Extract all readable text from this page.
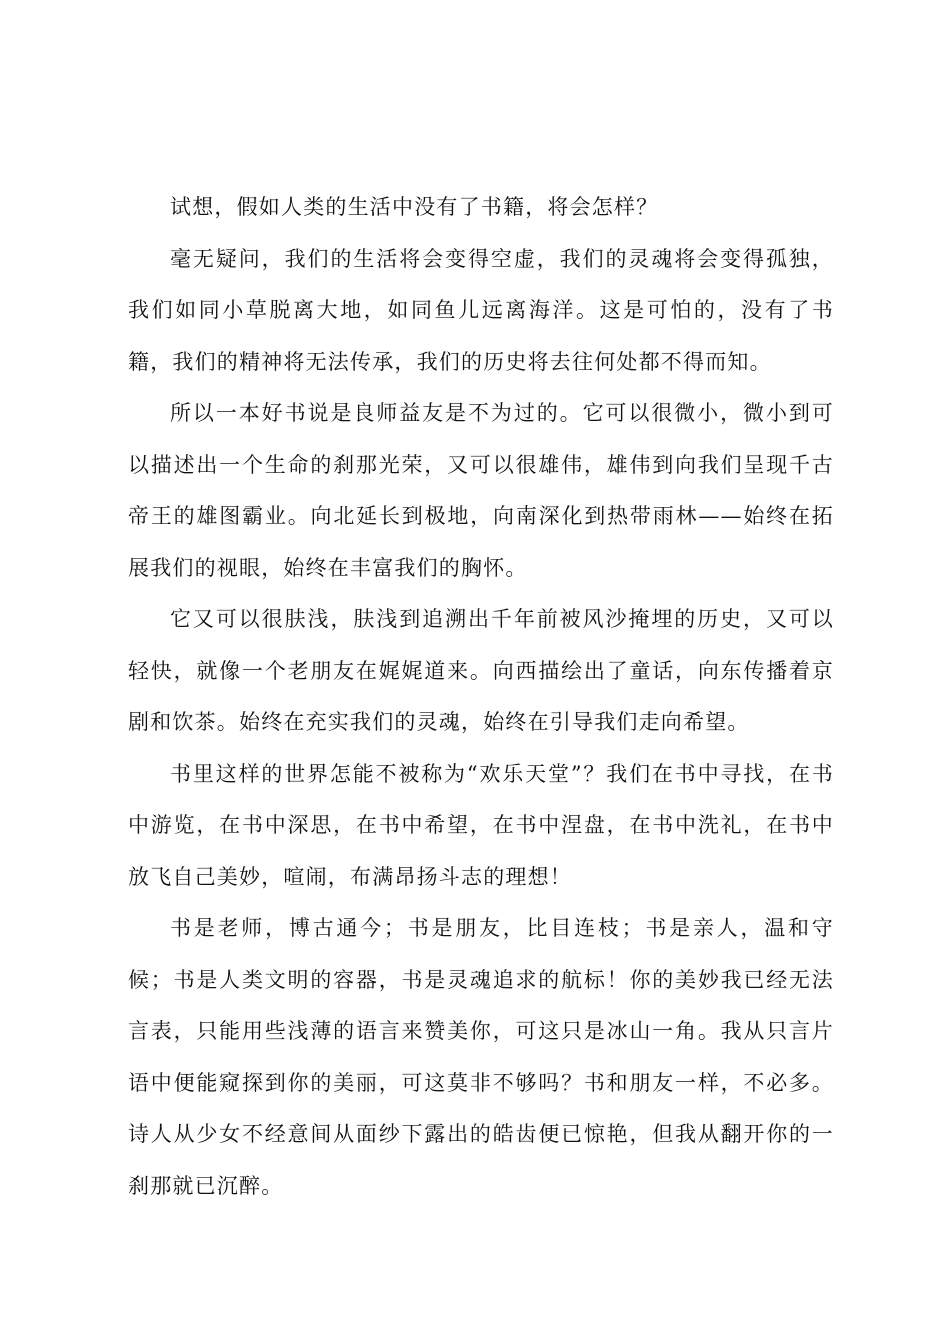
试想，假如人类的生活中没有了书籍，将会怎样？

毫无疑问，我们的生活将会变得空虚，我们的灵魂将会变得孤独，我们如同小草脱离大地，如同鱼儿远离海洋。这是可怕的，没有了书籍，我们的精神将无法传承，我们的历史将去往何处都不得而知。

所以一本好书说是良师益友是不为过的。它可以很微小，微小到可以描述出一个生命的刹那光荣，又可以很雄伟，雄伟到向我们呈现千古帝王的雄图霸业。向北延长到极地，向南深化到热带雨林——始终在拓展我们的视眼，始终在丰富我们的胸怀。

它又可以很肤浅，肤浅到追溯出千年前被风沙掩埋的历史，又可以轻快，就像一个老朋友在娓娓道来。向西描绘出了童话，向东传播着京剧和饮茶。始终在充实我们的灵魂，始终在引导我们走向希望。

书里这样的世界怎能不被称为“欢乐天堂”？我们在书中寻找，在书中游览，在书中深思，在书中希望，在书中涅盘，在书中洗礼，在书中放飞自己美妙，喧闹，布满昂扬斗志的理想！

书是老师，博古通今；书是朋友，比目连枝；书是亲人，温和守候；书是人类文明的容器，书是灵魂追求的航标！你的美妙我已经无法言表，只能用些浅薄的语言来赞美你，可这只是冰山一角。我从只言片语中便能窥探到你的美丽，可这莫非不够吗？书和朋友一样，不必多。诗人从少女不经意间从面纱下露出的皓齿便已惊艳，但我从翻开你的一刹那就已沉醉。
